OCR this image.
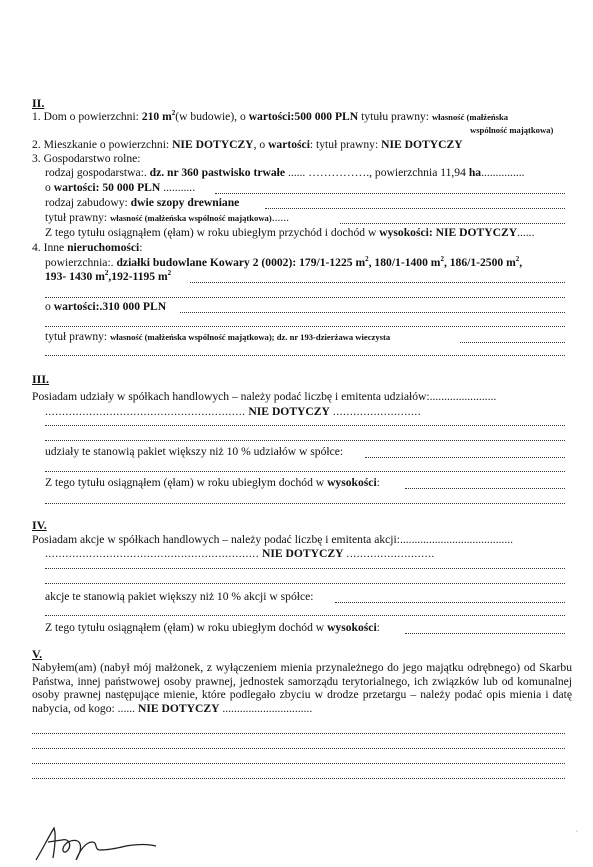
II.
1. Dom o powierzchni: 210 $m^2(w$ budowie), o wartości:500 000 PLN tytułu prawny: własność (małżeńska
wspólność majątkowa)
2. Mieszkanie o powierzchni: NIE DOTYCZY, o wartości: tytuł prawny: NIE DOTYCZY
3. Gospodarstwo rolne:
rodzaj gospodarstwa:. dz. nr 360 pastwisko trwałe ...... ……………., powierzchnia 11,94 ha...............
o wartości: 50 000 PLN ...........
rodzaj zabudowy: dwie szopy drewniane
tytuł prawny: własność (małżeńska wspólność majątkowa)......
Z tego tytułu osiągnąłem (ęłam) w roku ubiegłym przychód i dochód w wysokości: NIE DOTYCZY......
4. Inne nieruchomości:
powierzchnia:. działki budowlane Kowary 2 (0002): 179/1-1225 $m^2$, 180/1-1400 $m^2$, 186/1-2500 $m^2$,
193- 1430 $m^2,192-1195$ $m^2$
o wartości:.310 000 PLN
tytuł prawny: własność (małżeńska wspólność majątkowa); dz. nr 193-dzierżawa wieczysta
III.
Posiadam udziały w spółkach handlowych – należy podać liczbę i emitenta udziałów:.......................
........................................................... NIE DOTYCZY ..........................
udziały te stanowią pakiet większy niż 10 % udziałów w spółce:
Z tego tytułu osiągnąłem (ęłam) w roku ubiegłym dochód w wysokości:
IV.
Posiadam akcje w spółkach handlowych – należy podać liczbę i emitenta akcji:.......................................
............................................................... NIE DOTYCZY ..........................
akcje te stanowią pakiet większy niż 10 % akcji w spółce:
Z tego tytułu osiągnąłem (ęłam) w roku ubiegłym dochód w wysokości:
V.
Nabyłem(am) (nabył mój małżonek, z wyłączeniem mienia przynależnego do jego majątku odrębnego) od Skarbu Państwa, innej państwowej osoby prawnej, jednostek samorządu terytorialnego, ich związków lub od komunalnej osoby prawnej następujące mienie, które podlegało zbyciu w drodze przetargu – należy podać opis mienia i datę nabycia, od kogo: ...... NIE DOTYCZY ...............................
˚
